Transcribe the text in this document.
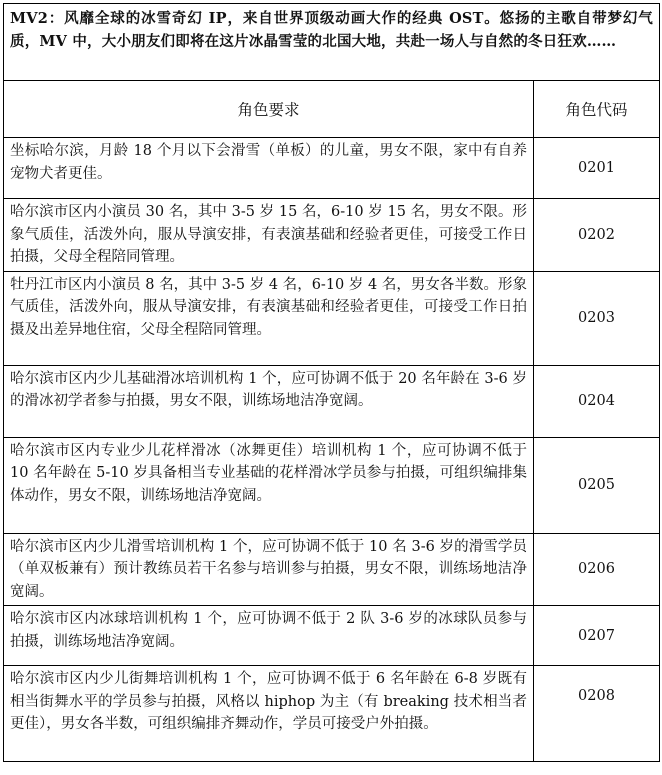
MV2：风靡全球的冰雪奇幻 IP，来自世界顶级动画大作的经典 OST。悠扬的主歌自带梦幻气质，MV 中，大小朋友们即将在这片冰晶雪莹的北国大地，共赴一场人与自然的冬日狂欢……	
角色要求	角色代码
坐标哈尔滨，月龄 18 个月以下会滑雪（单板）的儿童，男女不限，家中有自养宠物犬者更佳。	0201
哈尔滨市区内小演员 30 名，其中 3-5 岁 15 名，6-10 岁 15 名，男女不限。形象气质佳，活泼外向，服从导演安排，有表演基础和经验者更佳，可接受工作日拍摄，父母全程陪同管理。	0202
牡丹江市区内小演员 8 名，其中 3-5 岁 4 名，6-10 岁 4 名，男女各半数。形象气质佳，活泼外向，服从导演安排，有表演基础和经验者更佳，可接受工作日拍摄及出差异地住宿，父母全程陪同管理。	0203
哈尔滨市区内少儿基础滑冰培训机构 1 个，应可协调不低于 20 名年龄在 3-6 岁的滑冰初学者参与拍摄，男女不限，训练场地洁净宽阔。	0204
哈尔滨市区内专业少儿花样滑冰（冰舞更佳）培训机构 1 个，应可协调不低于 10 名年龄在 5-10 岁具备相当专业基础的花样滑冰学员参与拍摄，可组织编排集体动作，男女不限，训练场地洁净宽阔。	0205
哈尔滨市区内少儿滑雪培训机构 1 个，应可协调不低于 10 名 3-6 岁的滑雪学员（单双板兼有）预计教练员若干名参与培训参与拍摄，男女不限，训练场地洁净宽阔。	0206
哈尔滨市区内冰球培训机构 1 个，应可协调不低于 2 队 3-6 岁的冰球队员参与拍摄，训练场地洁净宽阔。	0207
哈尔滨市区内少儿街舞培训机构 1 个，应可协调不低于 6 名年龄在 6-8 岁既有相当街舞水平的学员参与拍摄，风格以 hiphop 为主（有 breaking 技术相当者更佳），男女各半数，可组织编排齐舞动作，学员可接受户外拍摄。	0208
